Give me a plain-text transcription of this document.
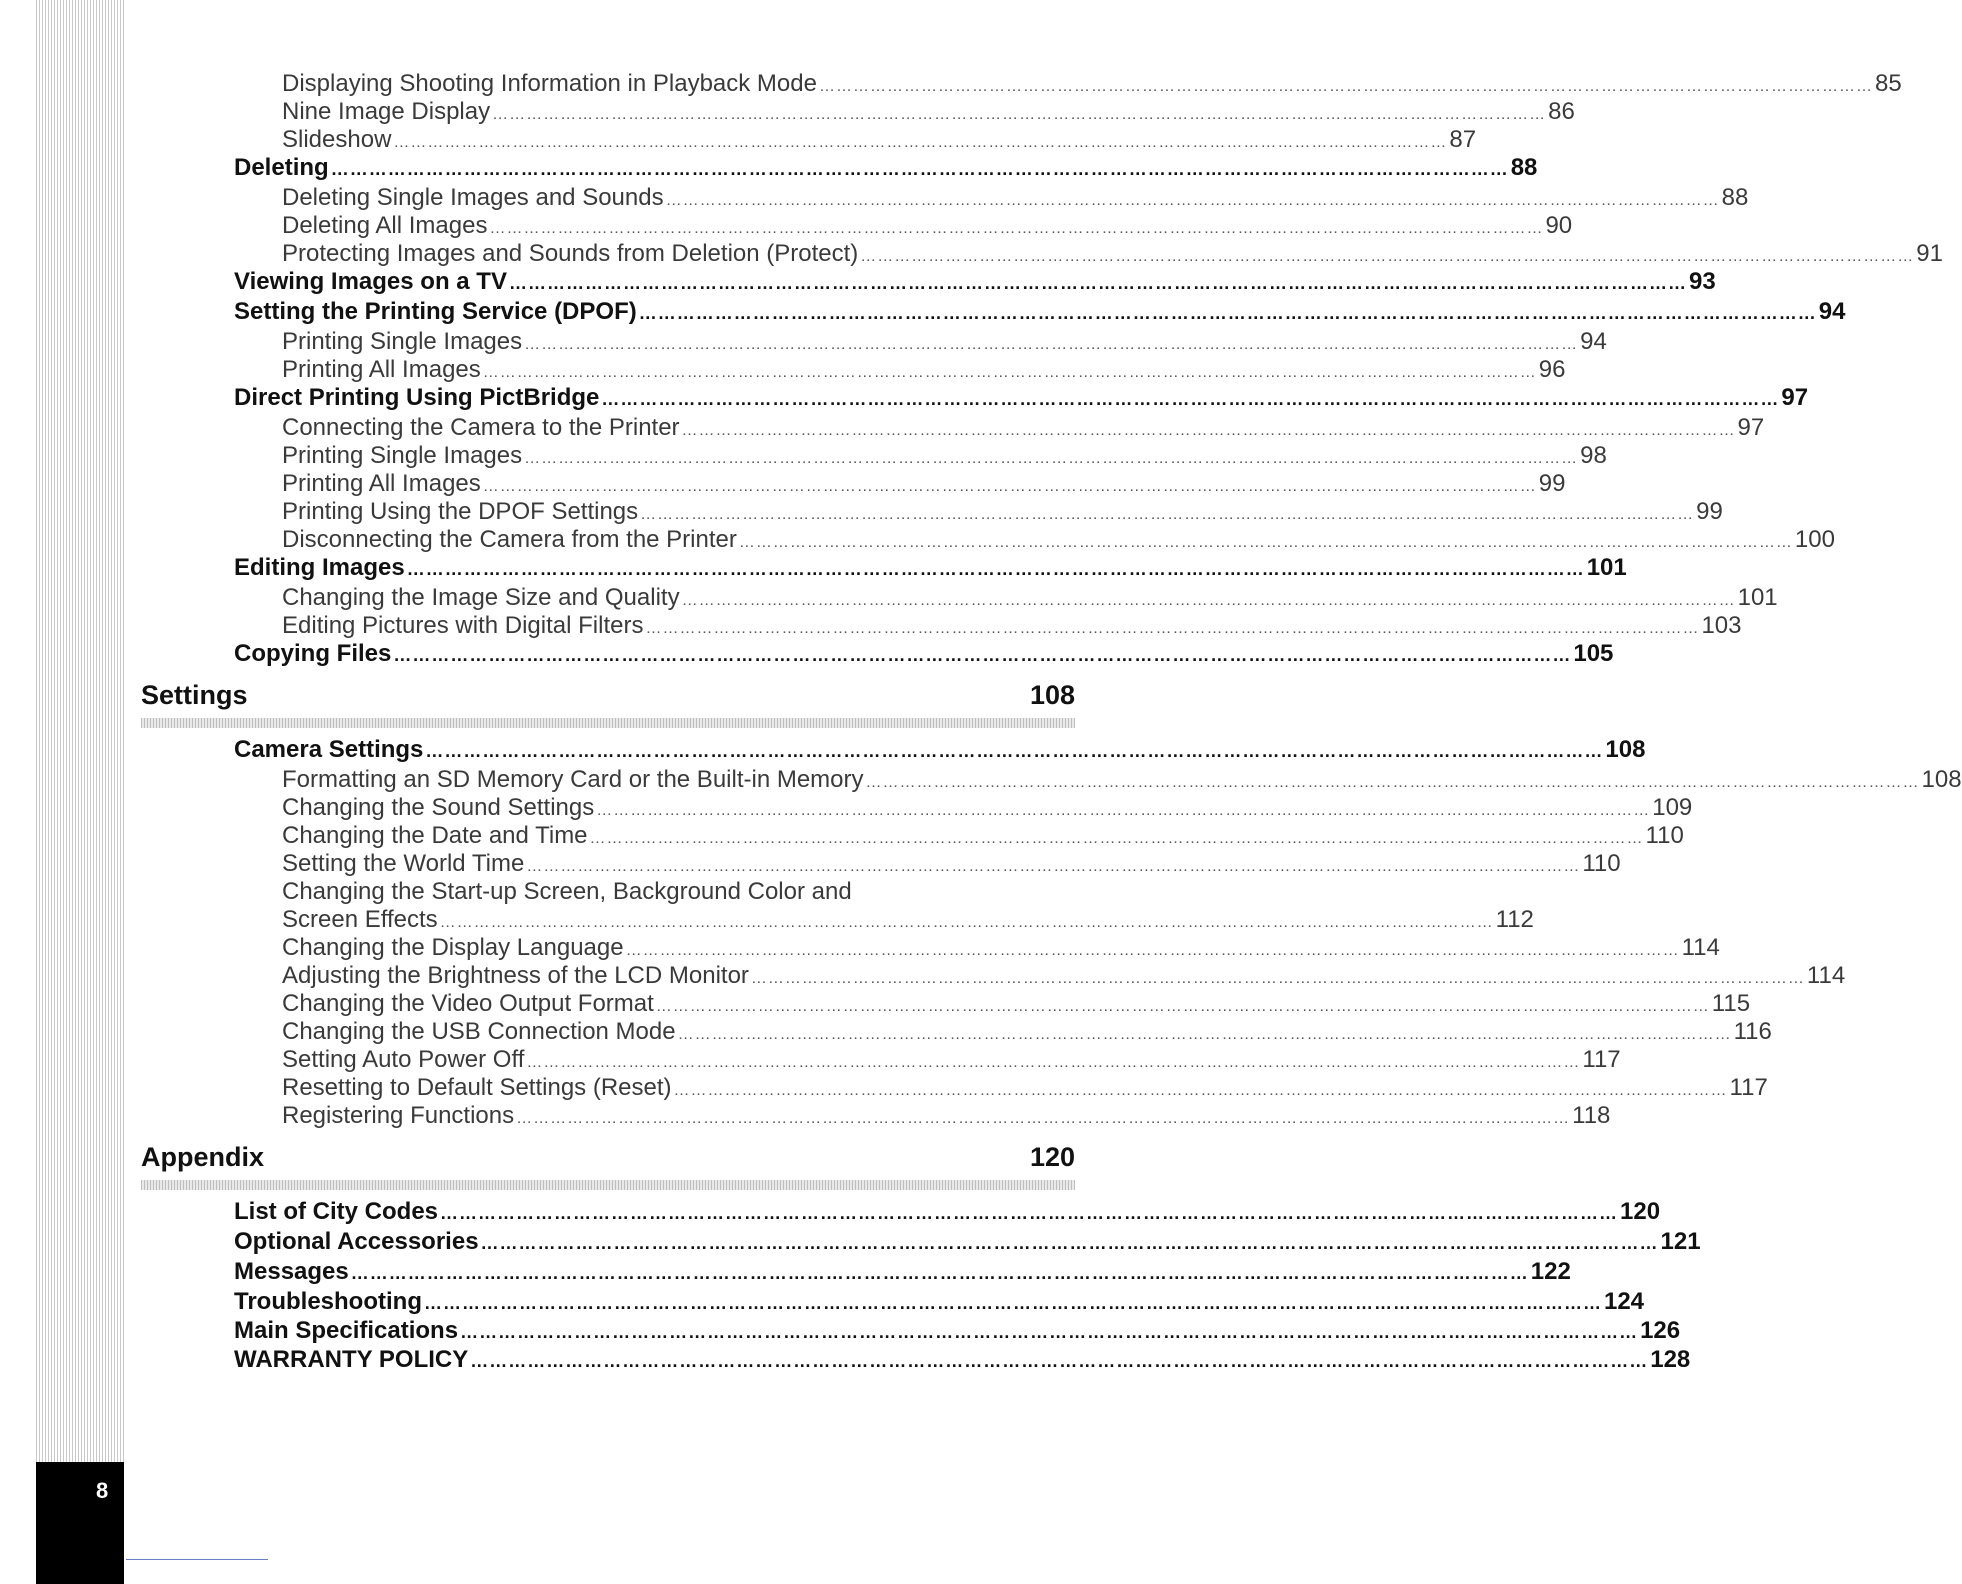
8
Displaying Shooting Information in Playback Mode …………………………………………………………………………………………………………………………………………………………………… 85
Nine Image Display …………………………………………………………………………………………………………………………………………………………………… 86
Slideshow …………………………………………………………………………………………………………………………………………………………………… 87
Deleting …………………………………………………………………………………………………………………………………………………………………… 88
Deleting Single Images and Sounds …………………………………………………………………………………………………………………………………………………………………… 88
Deleting All Images …………………………………………………………………………………………………………………………………………………………………… 90
Protecting Images and Sounds from Deletion (Protect) …………………………………………………………………………………………………………………………………………………………………… 91
Viewing Images on a TV …………………………………………………………………………………………………………………………………………………………………… 93
Setting the Printing Service (DPOF) …………………………………………………………………………………………………………………………………………………………………… 94
Printing Single Images …………………………………………………………………………………………………………………………………………………………………… 94
Printing All Images …………………………………………………………………………………………………………………………………………………………………… 96
Direct Printing Using PictBridge …………………………………………………………………………………………………………………………………………………………………… 97
Connecting the Camera to the Printer …………………………………………………………………………………………………………………………………………………………………… 97
Printing Single Images …………………………………………………………………………………………………………………………………………………………………… 98
Printing All Images …………………………………………………………………………………………………………………………………………………………………… 99
Printing Using the DPOF Settings …………………………………………………………………………………………………………………………………………………………………… 99
Disconnecting the Camera from the Printer …………………………………………………………………………………………………………………………………………………………………… 100
Editing Images …………………………………………………………………………………………………………………………………………………………………… 101
Changing the Image Size and Quality …………………………………………………………………………………………………………………………………………………………………… 101
Editing Pictures with Digital Filters …………………………………………………………………………………………………………………………………………………………………… 103
Copying Files …………………………………………………………………………………………………………………………………………………………………… 105
Settings	108
Camera Settings …………………………………………………………………………………………………………………………………………………………………… 108
Formatting an SD Memory Card or the Built-in Memory …………………………………………………………………………………………………………………………………………………………………… 108
Changing the Sound Settings …………………………………………………………………………………………………………………………………………………………………… 109
Changing the Date and Time …………………………………………………………………………………………………………………………………………………………………… 110
Setting the World Time …………………………………………………………………………………………………………………………………………………………………… 110
Changing the Start-up Screen, Background Color and
Screen Effects …………………………………………………………………………………………………………………………………………………………………… 112
Changing the Display Language …………………………………………………………………………………………………………………………………………………………………… 114
Adjusting the Brightness of the LCD Monitor …………………………………………………………………………………………………………………………………………………………………… 114
Changing the Video Output Format …………………………………………………………………………………………………………………………………………………………………… 115
Changing the USB Connection Mode …………………………………………………………………………………………………………………………………………………………………… 116
Setting Auto Power Off …………………………………………………………………………………………………………………………………………………………………… 117
Resetting to Default Settings (Reset) …………………………………………………………………………………………………………………………………………………………………… 117
Registering Functions …………………………………………………………………………………………………………………………………………………………………… 118
Appendix	120
List of City Codes …………………………………………………………………………………………………………………………………………………………………… 120
Optional Accessories …………………………………………………………………………………………………………………………………………………………………… 121
Messages …………………………………………………………………………………………………………………………………………………………………… 122
Troubleshooting …………………………………………………………………………………………………………………………………………………………………… 124
Main Specifications …………………………………………………………………………………………………………………………………………………………………… 126
WARRANTY POLICY …………………………………………………………………………………………………………………………………………………………………… 128
